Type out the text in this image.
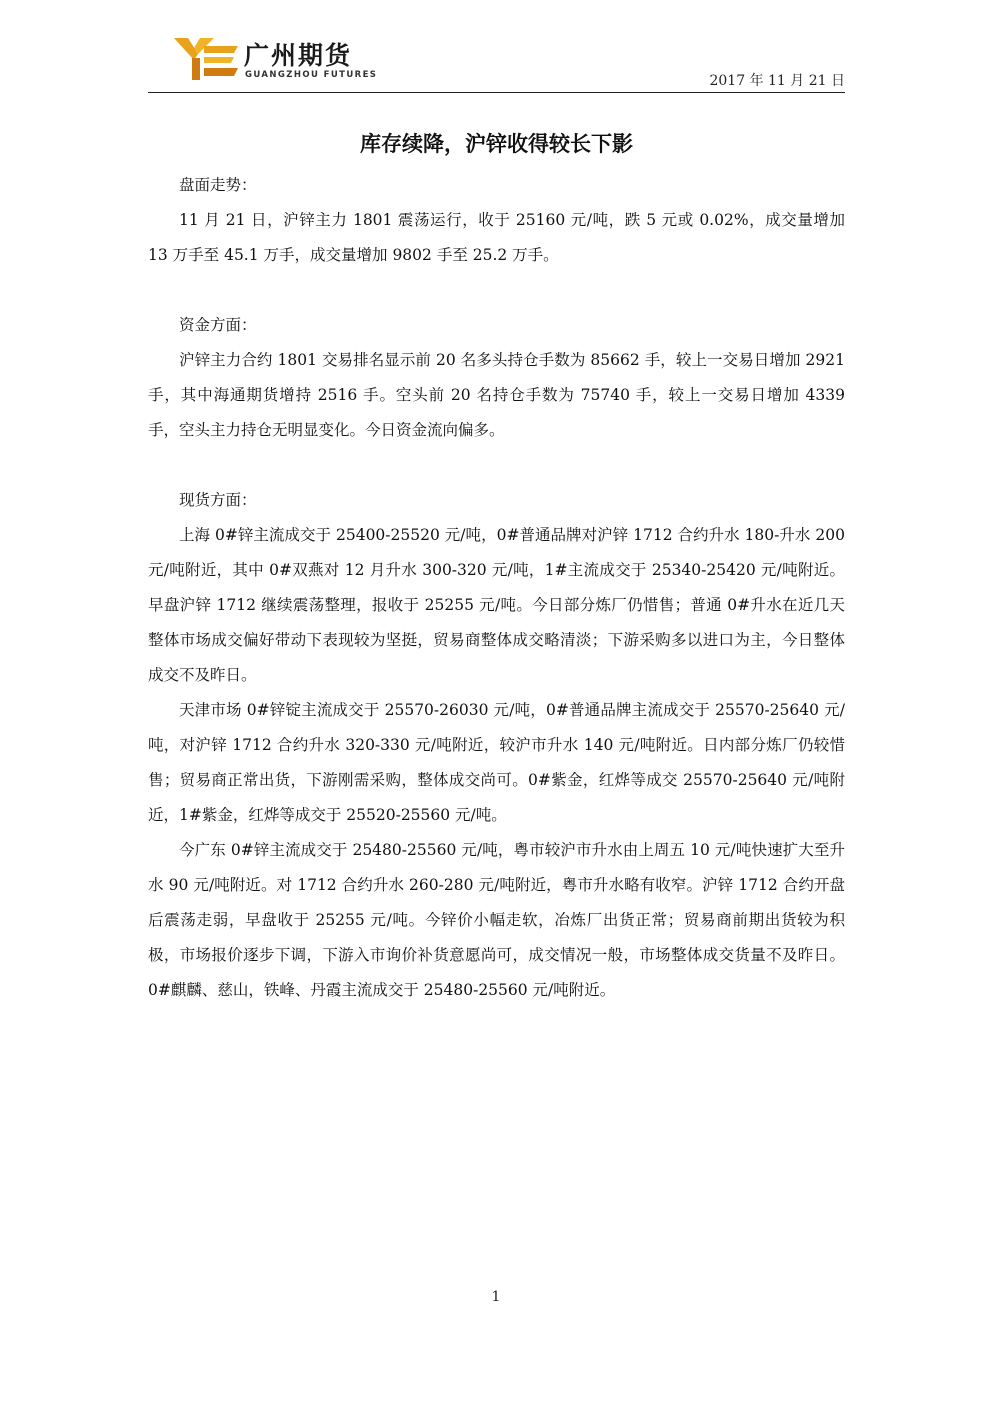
广州期货
GUANGZHOU FUTURES	2017 年 11 月 21 日
库存续降，沪锌收得较长下影
盘面走势：

11 月 21 日，沪锌主力 1801 震荡运行，收于 25160 元/吨，跌 5 元或 0.02%，成交量增加 13 万手至 45.1 万手，成交量增加 9802 手至 25.2 万手。

资金方面：

沪锌主力合约 1801 交易排名显示前 20 名多头持仓手数为 85662 手，较上一交易日增加 2921 手，其中海通期货增持 2516 手。空头前 20 名持仓手数为 75740 手，较上一交易日增加 4339 手，空头主力持仓无明显变化。今日资金流向偏多。

现货方面：

上海 0#锌主流成交于 25400-25520 元/吨，0#普通品牌对沪锌 1712 合约升水 180-升水 200 元/吨附近，其中 0#双燕对 12 月升水 300-320 元/吨，1#主流成交于 25340-25420 元/吨附近。早盘沪锌 1712 继续震荡整理，报收于 25255 元/吨。今日部分炼厂仍惜售；普通 0#升水在近几天整体市场成交偏好带动下表现较为坚挺，贸易商整体成交略清淡；下游采购多以进口为主，今日整体成交不及昨日。

天津市场 0#锌锭主流成交于 25570-26030 元/吨，0#普通品牌主流成交于 25570-25640 元/吨，对沪锌 1712 合约升水 320-330 元/吨附近，较沪市升水 140 元/吨附近。日内部分炼厂仍较惜售；贸易商正常出货，下游刚需采购，整体成交尚可。0#紫金，红烨等成交 25570-25640 元/吨附近，1#紫金，红烨等成交于 25520-25560 元/吨。

今广东 0#锌主流成交于 25480-25560 元/吨，粤市较沪市升水由上周五 10 元/吨快速扩大至升水 90 元/吨附近。对 1712 合约升水 260-280 元/吨附近，粤市升水略有收窄。沪锌 1712 合约开盘后震荡走弱，早盘收于 25255 元/吨。今锌价小幅走软，冶炼厂出货正常；贸易商前期出货较为积极，市场报价逐步下调，下游入市询价补货意愿尚可，成交情况一般，市场整体成交货量不及昨日。0#麒麟、慈山，铁峰、丹霞主流成交于 25480-25560 元/吨附近。

1
